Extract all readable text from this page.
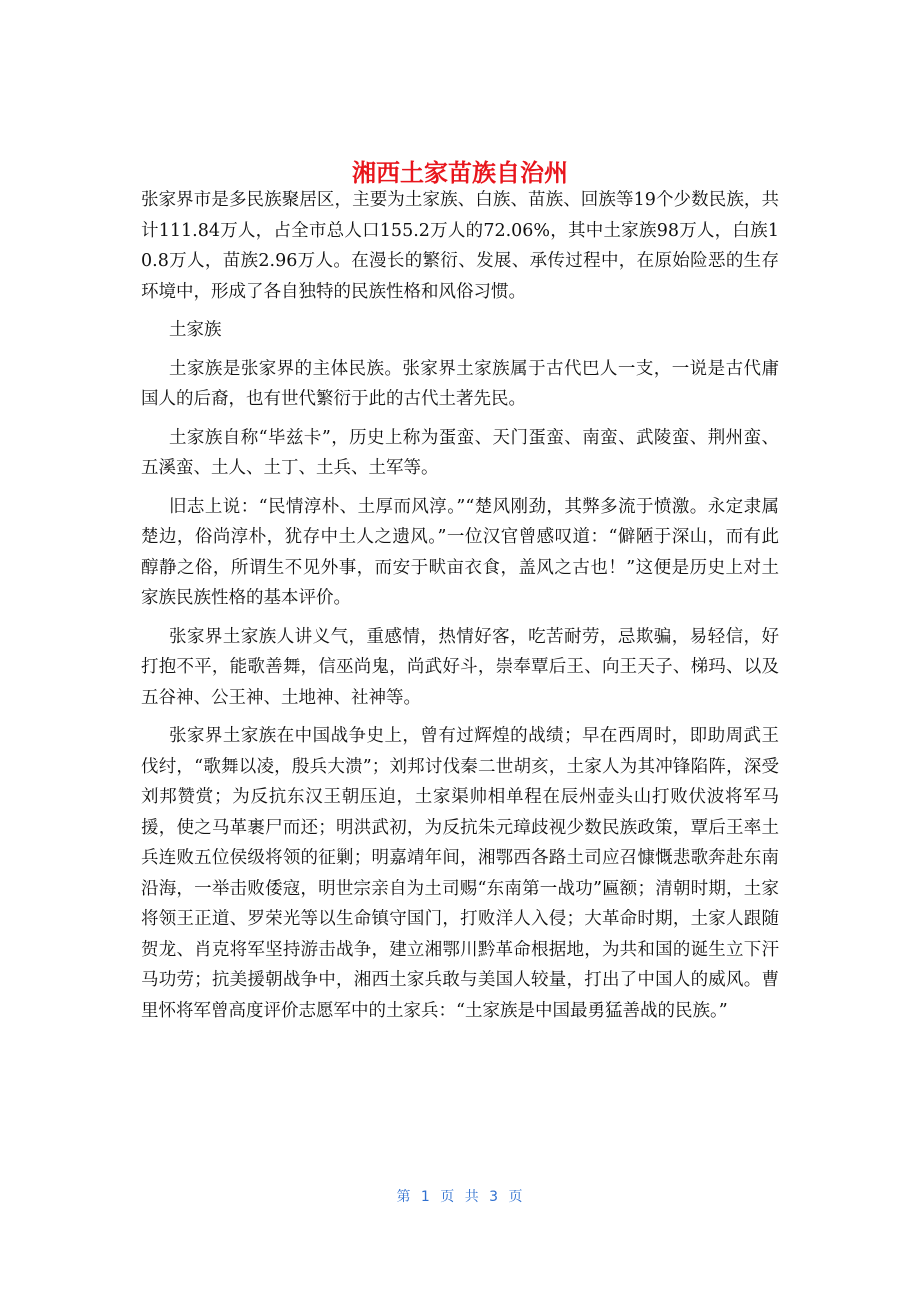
湘西土家苗族自治州

张家界市是多民族聚居区，主要为土家族、白族、苗族、回族等19个少数民族，共计111.84万人，占全市总人口155.2万人的72.06%，其中土家族98万人，白族10.8万人，苗族2.96万人。在漫长的繁衍、发展、承传过程中，在原始险恶的生存环境中，形成了各自独特的民族性格和风俗习惯。

土家族

土家族是张家界的主体民族。张家界土家族属于古代巴人一支，一说是古代庸国人的后裔，也有世代繁衍于此的古代土著先民。

土家族自称“毕兹卡”，历史上称为蛋蛮、天门蛋蛮、南蛮、武陵蛮、荆州蛮、五溪蛮、土人、土丁、土兵、土军等。

旧志上说：“民情淳朴、土厚而风淳。”“楚风刚劲，其弊多流于愤激。永定隶属楚边，俗尚淳朴，犹存中土人之遗风。”一位汉官曾感叹道：“僻陋于深山，而有此醇静之俗，所谓生不见外事，而安于畎亩衣食，盖风之古也！”这便是历史上对土家族民族性格的基本评价。

张家界土家族人讲义气，重感情，热情好客，吃苦耐劳，忌欺骗，易轻信，好打抱不平，能歌善舞，信巫尚鬼，尚武好斗，崇奉覃后王、向王天子、梯玛、以及五谷神、公王神、土地神、社神等。

张家界土家族在中国战争史上，曾有过辉煌的战绩；早在西周时，即助周武王伐纣，“歌舞以凌，殷兵大溃”；刘邦讨伐秦二世胡亥，土家人为其冲锋陷阵，深受刘邦赞赏；为反抗东汉王朝压迫，土家渠帅相单程在辰州壶头山打败伏波将军马援，使之马革裹尸而还；明洪武初，为反抗朱元璋歧视少数民族政策，覃后王率土兵连败五位侯级将领的征剿；明嘉靖年间，湘鄂西各路土司应召慷慨悲歌奔赴东南沿海，一举击败倭寇，明世宗亲自为土司赐“东南第一战功”匾额；清朝时期，土家将领王正道、罗荣光等以生命镇守国门，打败洋人入侵；大革命时期，土家人跟随贺龙、肖克将军坚持游击战争，建立湘鄂川黔革命根据地，为共和国的诞生立下汗马功劳；抗美援朝战争中，湘西土家兵敢与美国人较量，打出了中国人的威风。曹里怀将军曾高度评价志愿军中的土家兵：“土家族是中国最勇猛善战的民族。”

第 1 页 共 3 页
